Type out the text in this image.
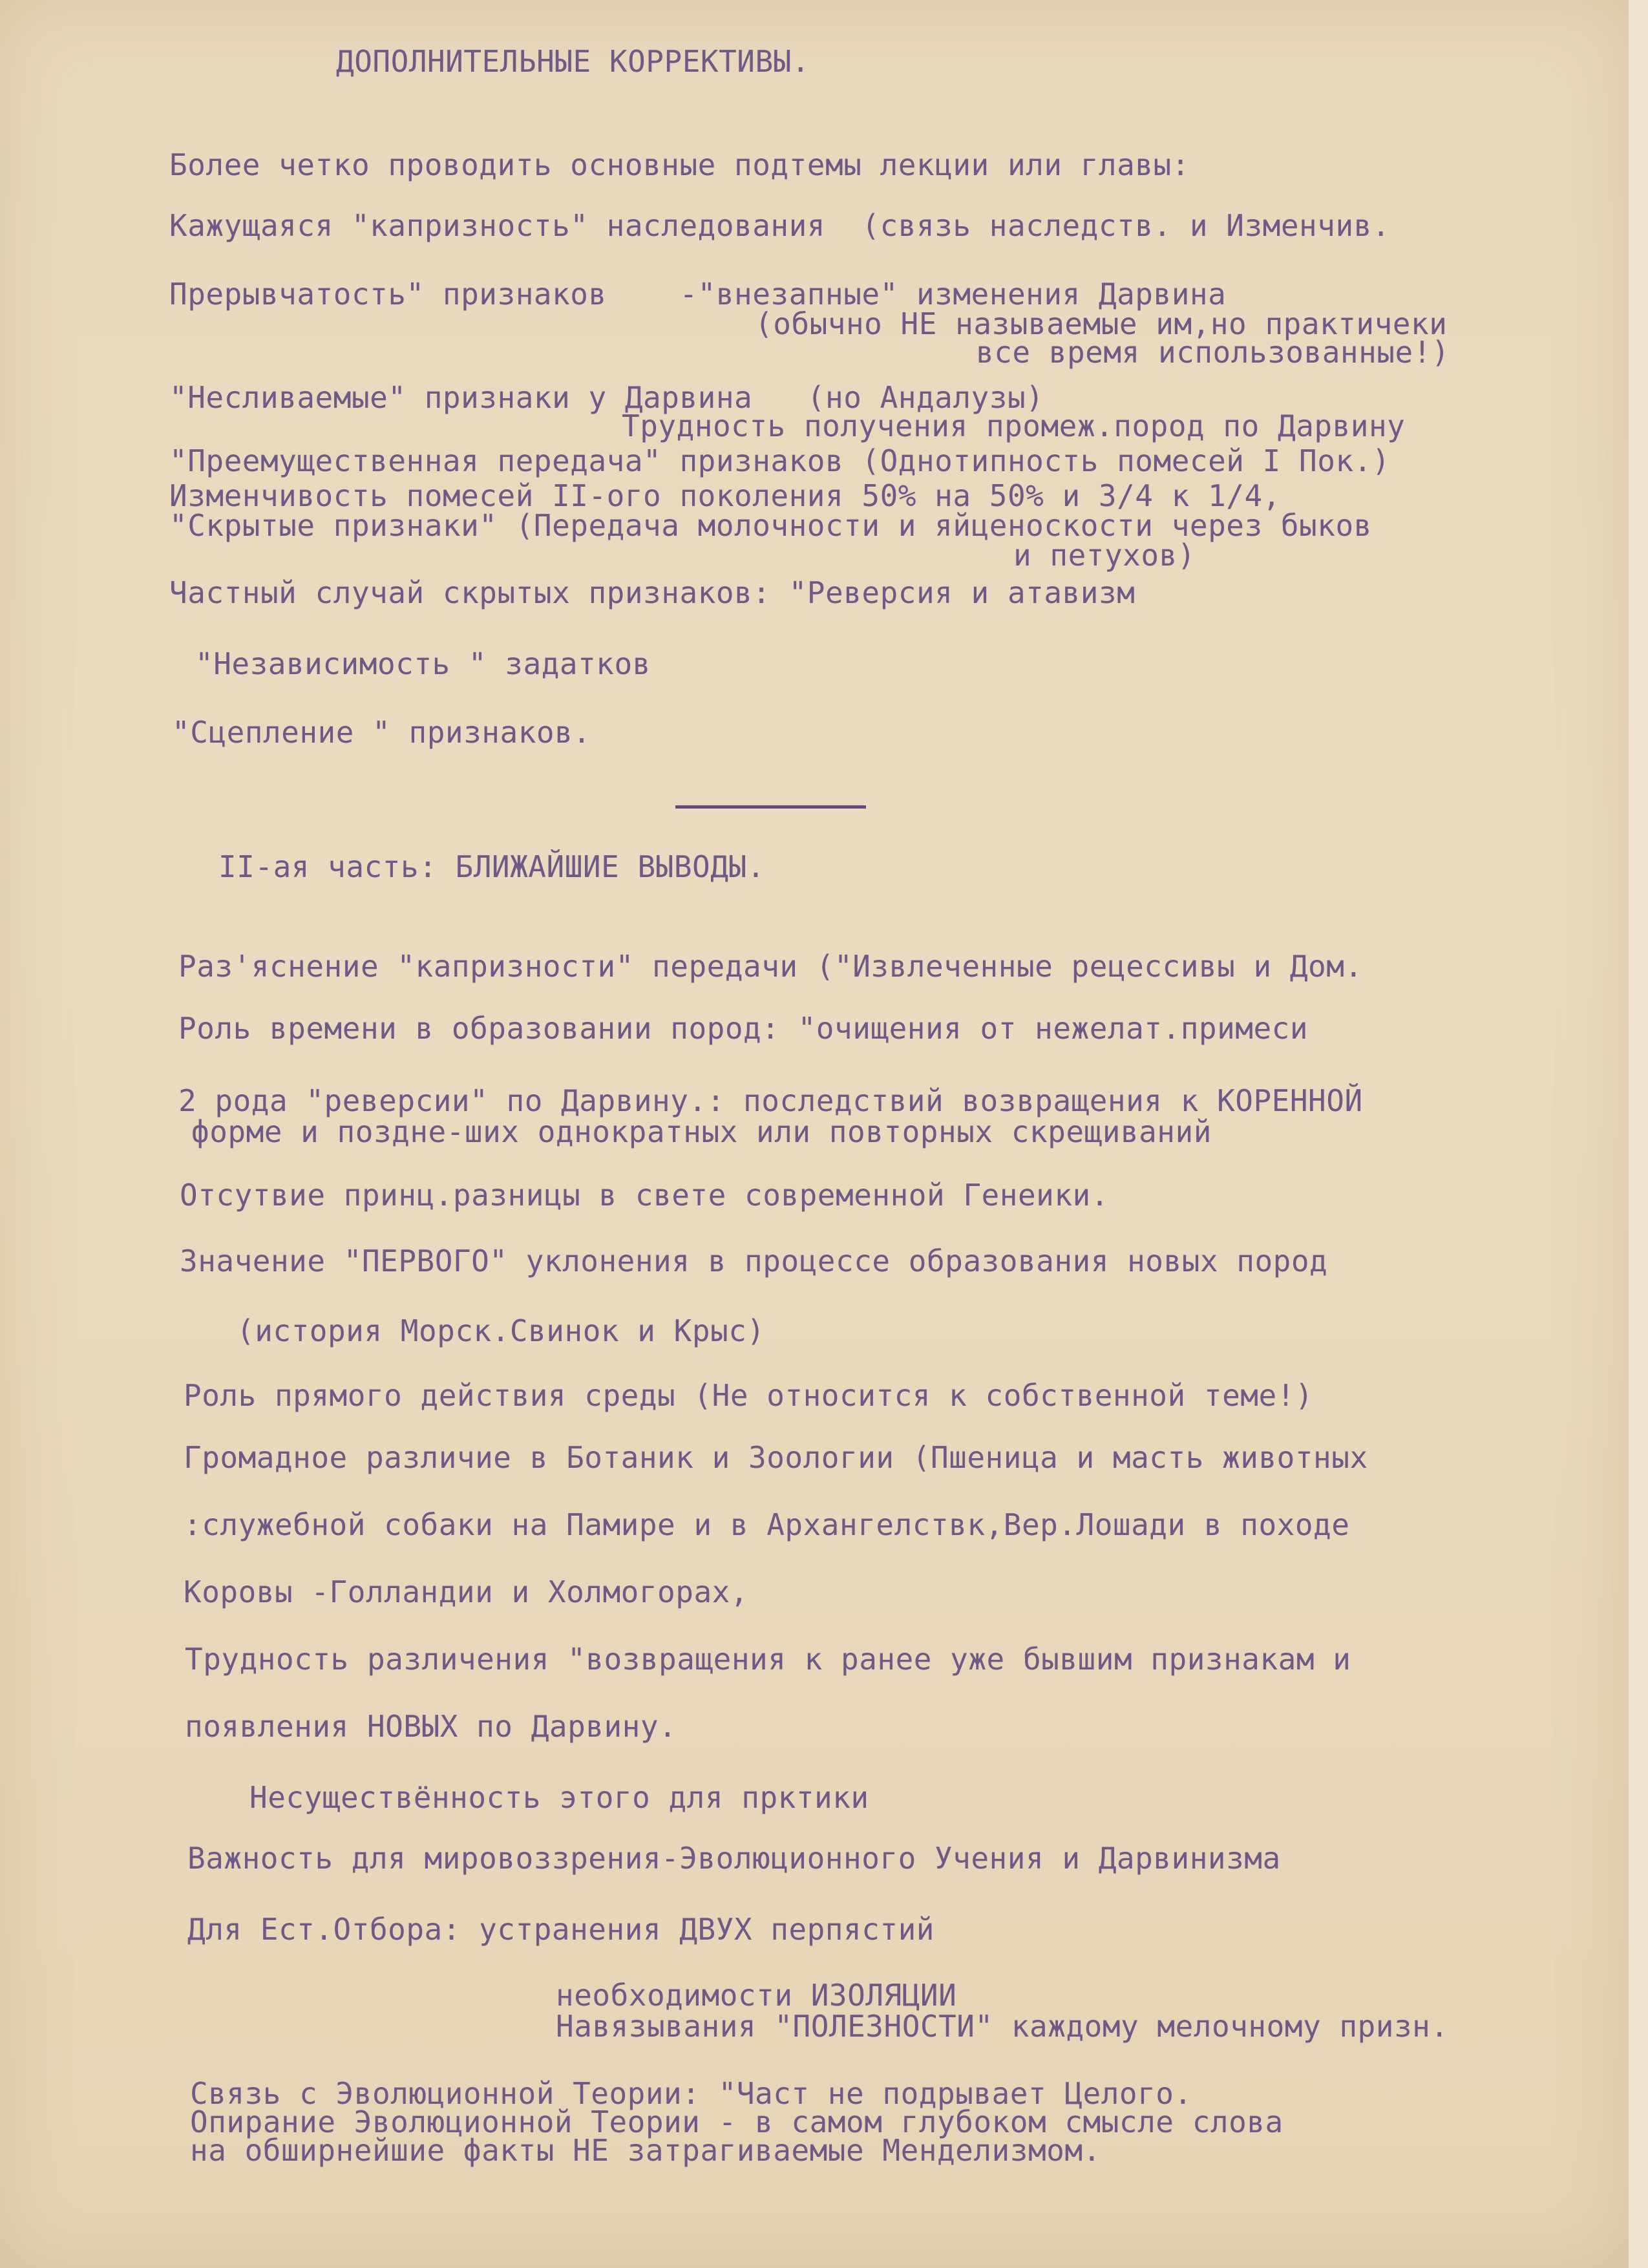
ДОПОЛНИТЕЛЬНЫЕ КОРРЕКТИВЫ.
Более четко проводить основные подтемы лекции или главы:
Кажущаяся "капризность" наследования  (связь наследств. и Изменчив.
Прерывчатость" признаков    -"внезапные" изменения Дарвина
(обычно НЕ называемые им,но практичеки
все время использованные!)
"Несливаемые" признаки у Дарвина   (но Андалузы)
Трудность получения промеж.пород по Дарвину
"Преемущественная передача" признаков (Однотипность помесей I Пок.)
Изменчивость помесей II-ого поколения 50% на 50% и 3/4 к 1/4,
"Скрытые признаки" (Передача молочности и яйценоскости через быков
и петухов)
Частный случай скрытых признаков: "Реверсия и атавизм
"Независимость " задатков
"Сцепление " признаков.
II-ая часть: БЛИЖАЙШИЕ ВЫВОДЫ.
Раз'яснение "капризности" передачи ("Извлеченные рецессивы и Дом.
Роль времени в образовании пород: "очищения от нежелат.примеси
2 рода "реверсии" по Дарвину.: последствий возвращения к КОРЕННОЙ
форме и поздне-ших однократных или повторных скрещиваний
Отсутвие принц.разницы в свете современной Генеики.
Значение "ПЕРВОГО" уклонения в процессе образования новых пород
(история Морск.Свинок и Крыс)
Роль прямого действия среды (Не относится к собственной теме!)
Громадное различие в Ботаник и Зоологии (Пшеница и масть животных
:служебной собаки на Памире и в Архангелствк,Вер.Лошади в походе
Коровы -Голландии и Холмогорах,
Трудность различения "возвращения к ранее уже бывшим признакам и
появления НОВЫХ по Дарвину.
Несуществённость этого для прктики
Важность для мировоззрения-Эволюционного Учения и Дарвинизма
Для Ест.Отбора: устранения ДВУХ перпястий
необходимости ИЗОЛЯЦИИ
Навязывания "ПОЛЕЗНОСТИ" каждому мелочному призн.
Связь с Эволюционной Теории: "Част не подрывает Целого.
Опирание Эволюционной Теории - в самом глубоком смысле слова
на обширнейшие факты НЕ затрагиваемые Менделизмом.
